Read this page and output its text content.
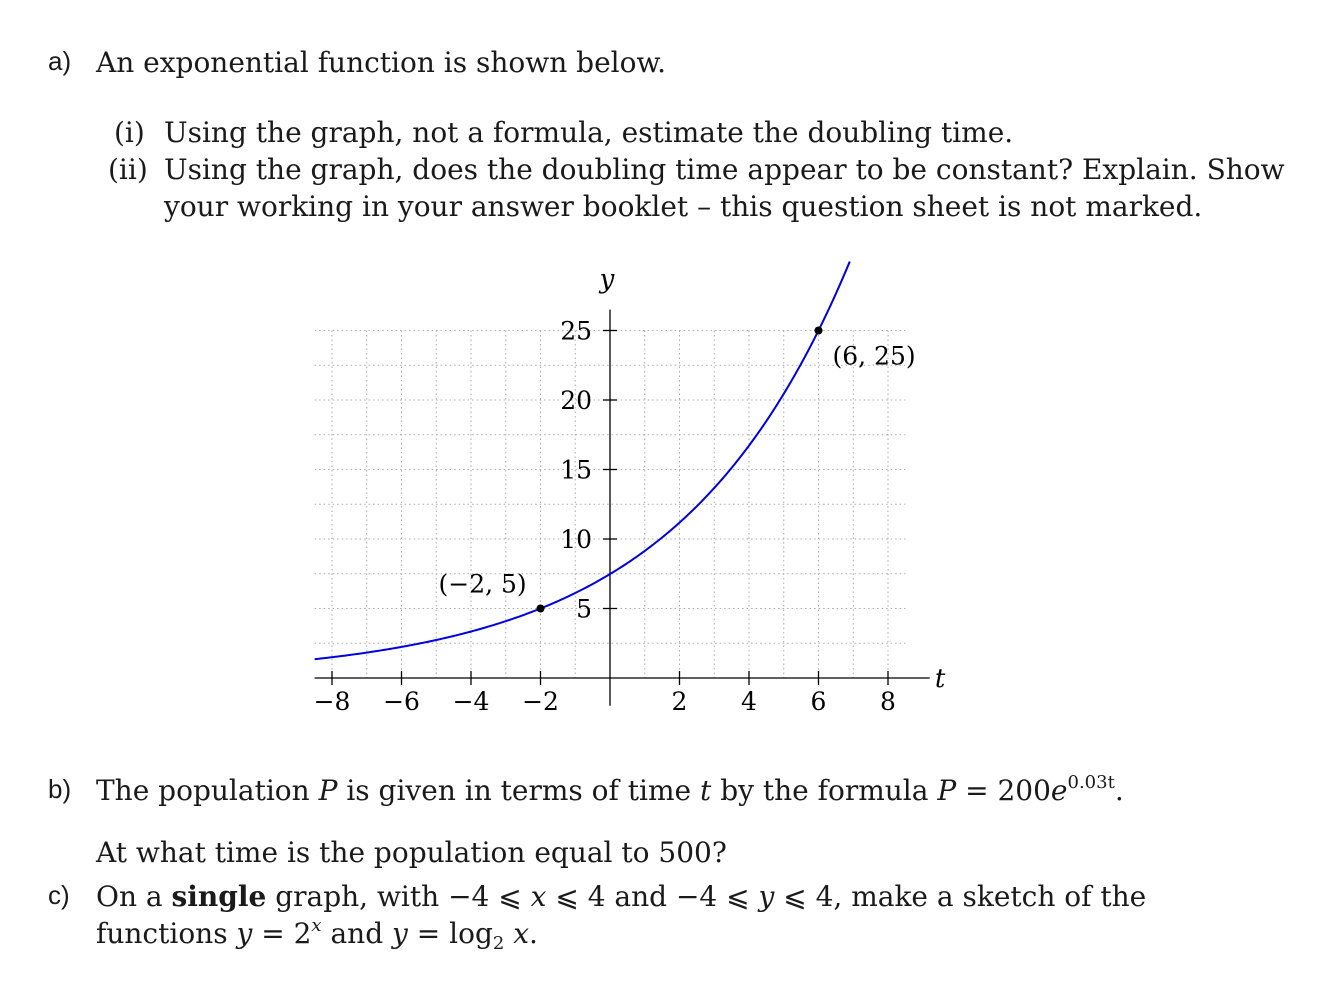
a) An exponential function is shown below.
(i) Using the graph, not a formula, estimate the doubling time.
(ii) Using the graph, does the doubling time appear to be constant? Explain. Show
your working in your answer booklet – this question sheet is not marked.
t
y
−8 −6 −4 −2	2 4 6 8
5
10
15
20
25
(−2, 5)
(6, 25)
b) The population P is given in terms of time t by the formula $P = 200e^{0.03t}$.
At what time is the population equal to 500?
c) On a single graph, with −4 ⩽ x ⩽ 4 and −4 ⩽ y ⩽ 4, make a sketch of the
functions $y = 2^x$ and $y = \log_2 x$.
